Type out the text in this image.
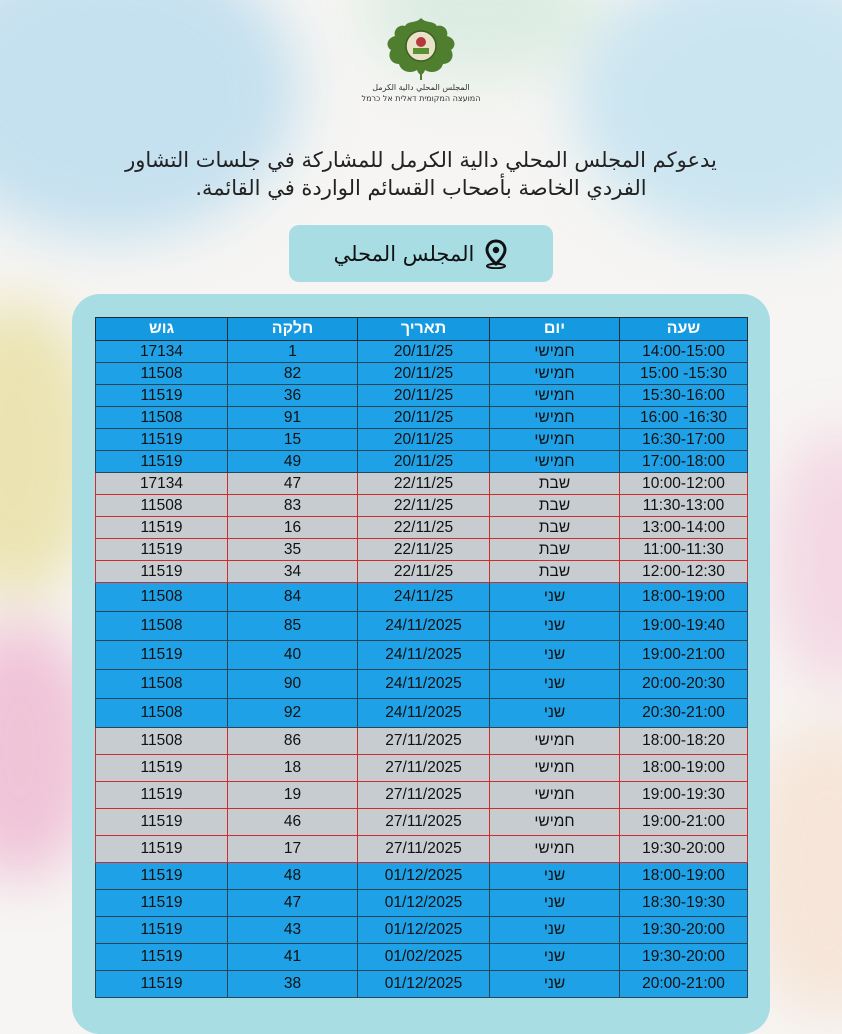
المجلس المحلي دالية الكرمل
המועצה המקומית דאלית אל כרמל
يدعوكم المجلس المحلي دالية الكرمل للمشاركة في جلسات التشاور
الفردي الخاصة بأصحاب القسائم الواردة في القائمة.
المجلس المحلي
שעה	יום	תאריך	חלקה	גוש
14:00-15:00	חמישי	20/11/25	1	17134
15:30- 15:00	חמישי	20/11/25	82	11508
15:30-16:00	חמישי	20/11/25	36	11519
16:30- 16:00	חמישי	20/11/25	91	11508
16:30-17:00	חמישי	20/11/25	15	11519
17:00-18:00	חמישי	20/11/25	49	11519
10:00-12:00	שבת	22/11/25	47	17134
11:30-13:00	שבת	22/11/25	83	11508
13:00-14:00	שבת	22/11/25	16	11519
11:00-11:30	שבת	22/11/25	35	11519
12:00-12:30	שבת	22/11/25	34	11519
18:00-19:00	שני	24/11/25	84	11508
19:00-19:40	שני	24/11/2025	85	11508
19:00-21:00	שני	24/11/2025	40	11519
20:00-20:30	שני	24/11/2025	90	11508
20:30-21:00	שני	24/11/2025	92	11508
18:00-18:20	חמישי	27/11/2025	86	11508
18:00-19:00	חמישי	27/11/2025	18	11519
19:00-19:30	חמישי	27/11/2025	19	11519
19:00-21:00	חמישי	27/11/2025	46	11519
19:30-20:00	חמישי	27/11/2025	17	11519
18:00-19:00	שני	01/12/2025	48	11519
18:30-19:30	שני	01/12/2025	47	11519
19:30-20:00	שני	01/12/2025	43	11519
19:30-20:00	שני	01/02/2025	41	11519
20:00-21:00	שני	01/12/2025	38	11519
